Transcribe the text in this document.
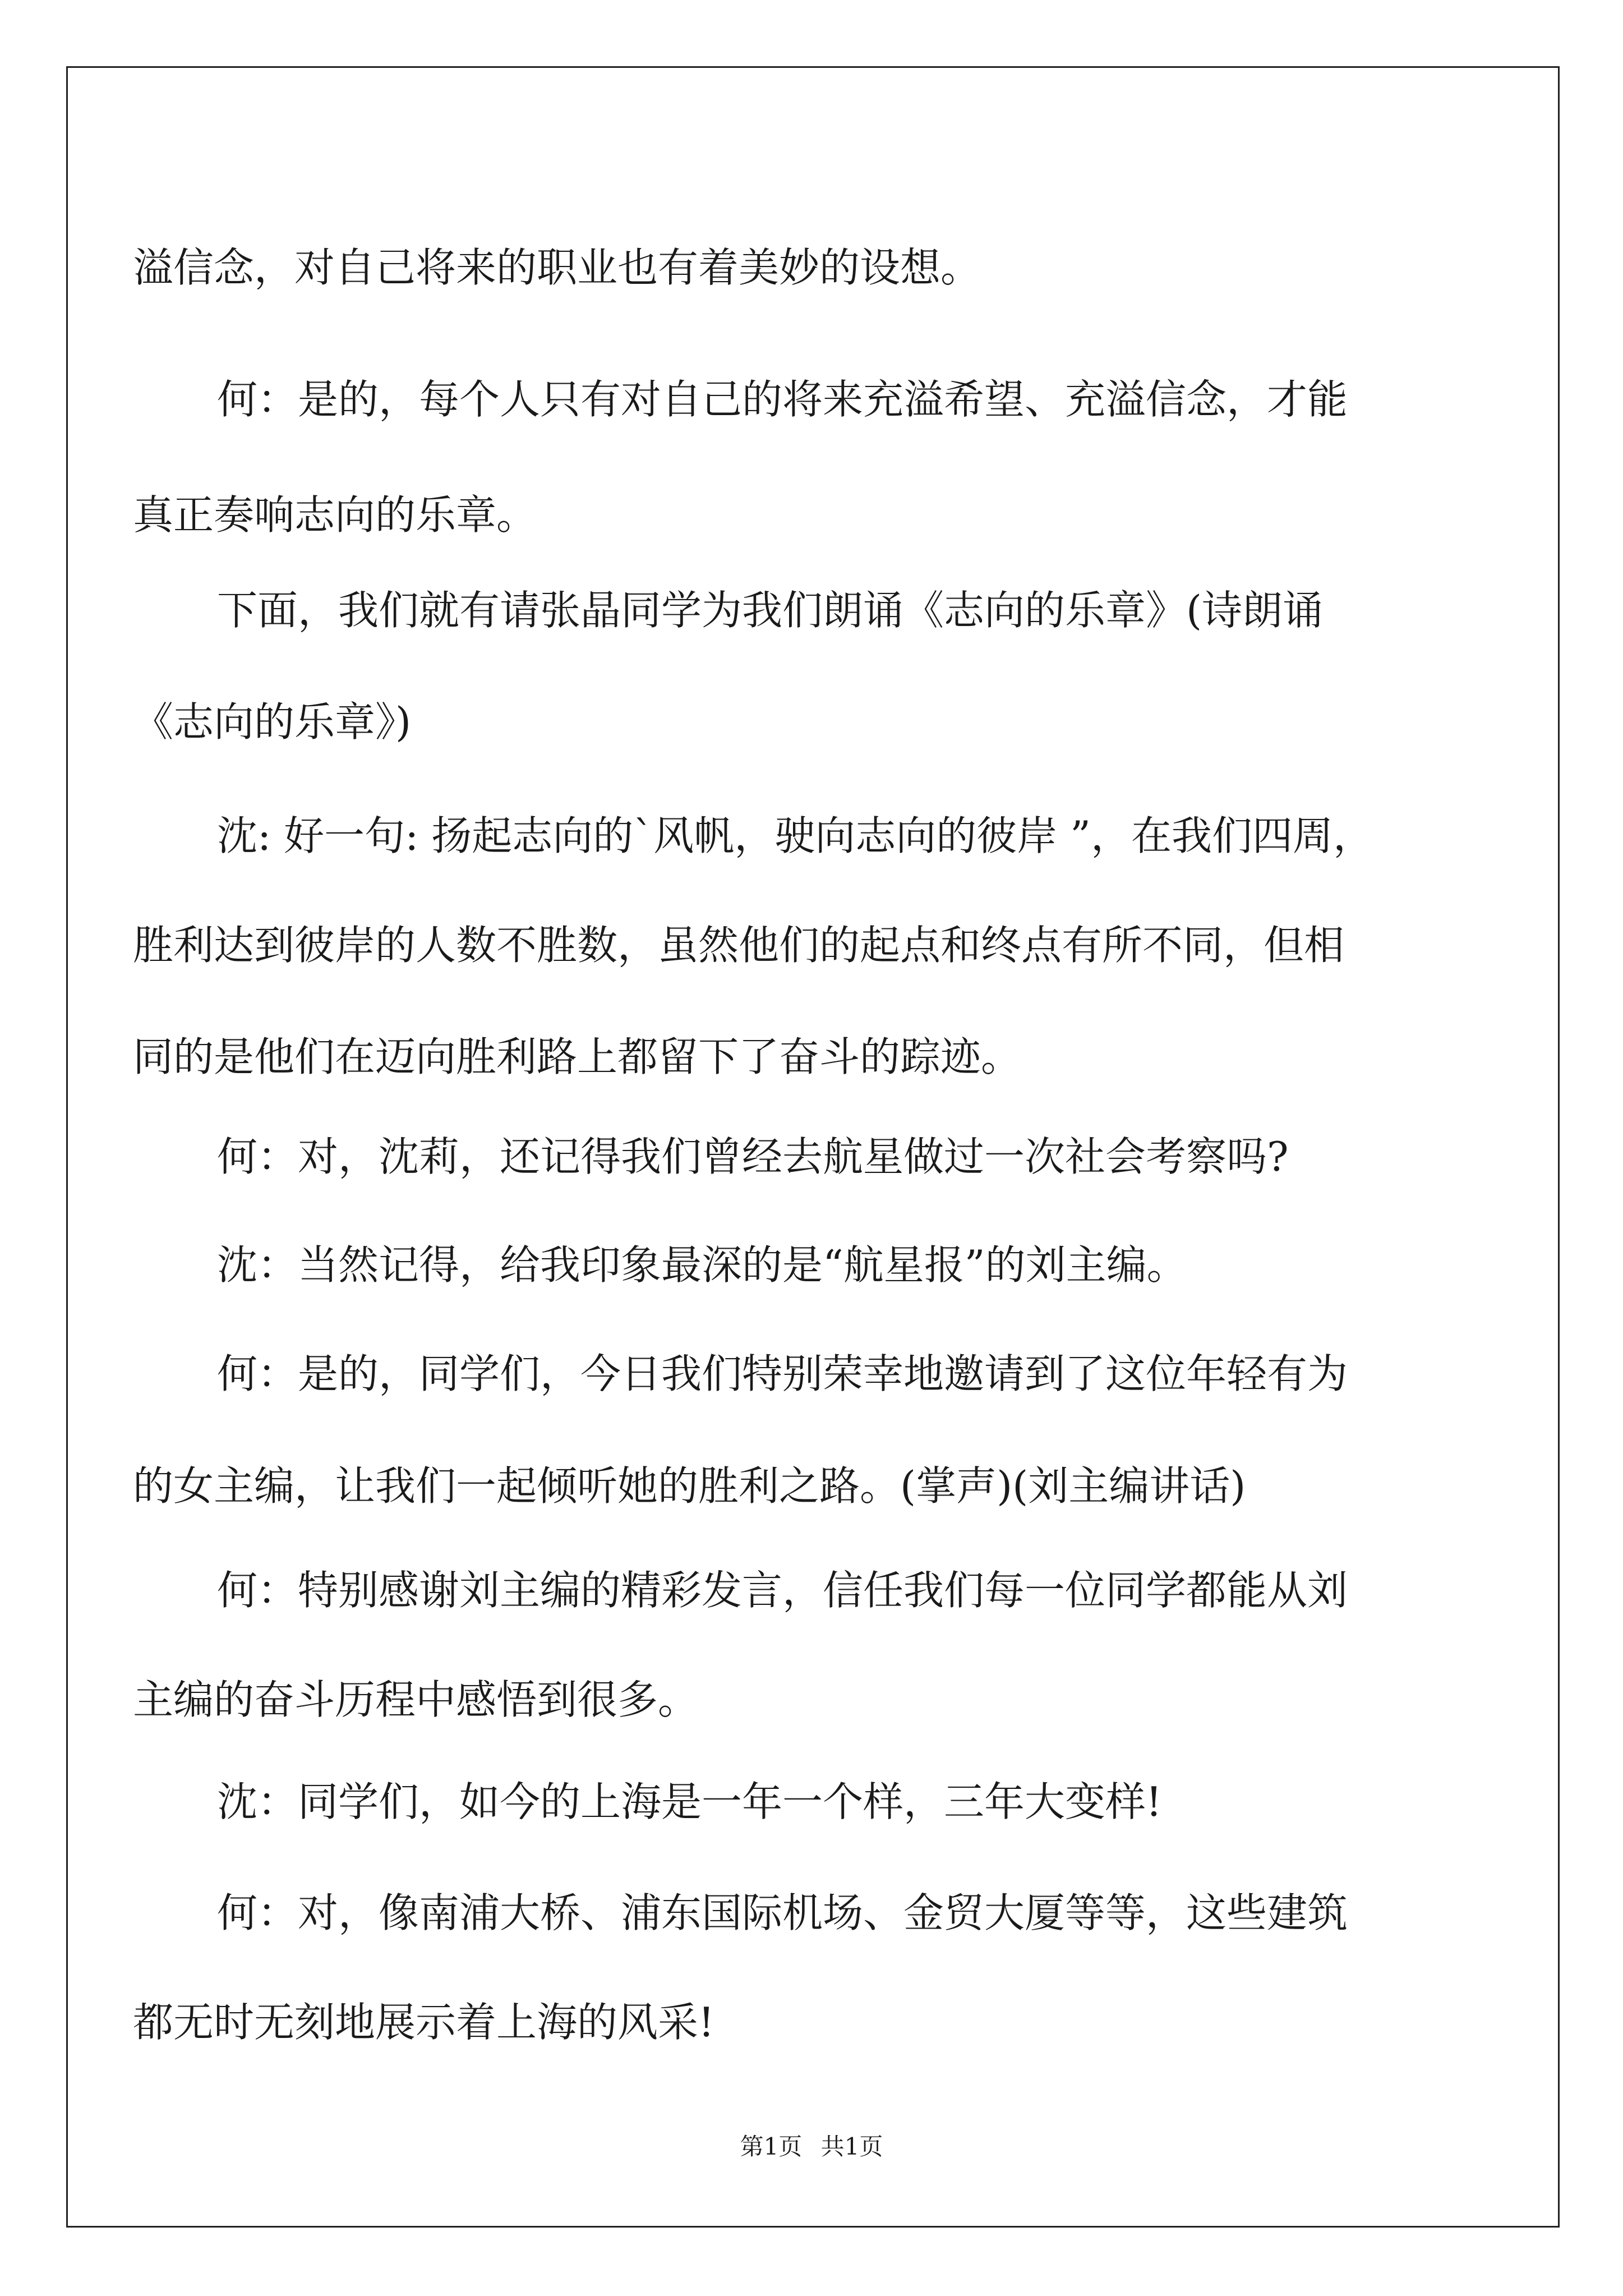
溢信念，对自己将来的职业也有着美妙的设想。

何：是的，每个人只有对自己的将来充溢希望、充溢信念，才能

真正奏响志向的乐章。

下面，我们就有请张晶同学为我们朗诵《志向的乐章》(诗朗诵

《志向的乐章》)

沈: 好一句: 扬起志向的`风帆，驶向志向的彼岸 ”，在我们四周，

胜利达到彼岸的人数不胜数，虽然他们的起点和终点有所不同，但相

同的是他们在迈向胜利路上都留下了奋斗的踪迹。

何：对，沈莉，还记得我们曾经去航星做过一次社会考察吗?

沈：当然记得，给我印象最深的是“航星报”的刘主编。

何：是的，同学们，今日我们特别荣幸地邀请到了这位年轻有为

的女主编，让我们一起倾听她的胜利之路。(掌声)(刘主编讲话)

何：特别感谢刘主编的精彩发言，信任我们每一位同学都能从刘

主编的奋斗历程中感悟到很多。

沈：同学们，如今的上海是一年一个样，三年大变样!

何：对，像南浦大桥、浦东国际机场、金贸大厦等等，这些建筑

都无时无刻地展示着上海的风采!

第1页 共1页
